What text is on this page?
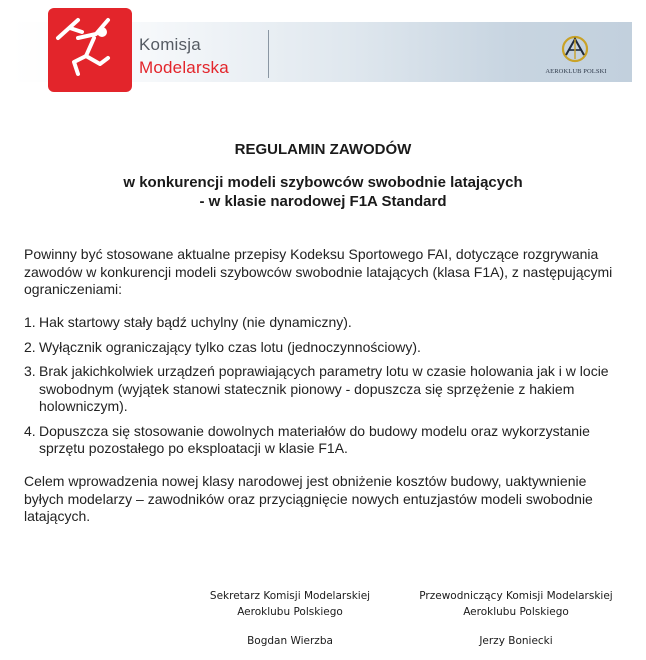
Komisja
Modelarska	AEROKLUB POLSKI
REGULAMIN ZAWODÓW
w konkurencji modeli szybowców swobodnie latających
- w klasie narodowej F1A Standard
Powinny być stosowane aktualne przepisy Kodeksu Sportowego FAI, dotyczące rozgrywania zawodów w konkurencji modeli szybowców swobodnie latających (klasa F1A), z następującymi ograniczeniami:
1. Hak startowy stały bądź uchylny (nie dynamiczny).
2. Wyłącznik ograniczający tylko czas lotu (jednoczynnościowy).
3. Brak jakichkolwiek urządzeń poprawiających parametry lotu w czasie holowania jak i w locie swobodnym (wyjątek stanowi statecznik pionowy - dopuszcza się sprzężenie z hakiem holowniczym).
4. Dopuszcza się stosowanie dowolnych materiałów do budowy modelu oraz wykorzystanie sprzętu pozostałego po eksploatacji w klasie F1A.
Celem wprowadzenia nowej klasy narodowej jest obniżenie kosztów budowy, uaktywnienie byłych modelarzy – zawodników oraz przyciągnięcie nowych entuzjastów modeli swobodnie latających.
Sekretarz Komisji Modelarskiej
Aeroklubu Polskiego
Bogdan Wierzba
Przewodniczący Komisji Modelarskiej
Aeroklubu Polskiego
Jerzy Boniecki
